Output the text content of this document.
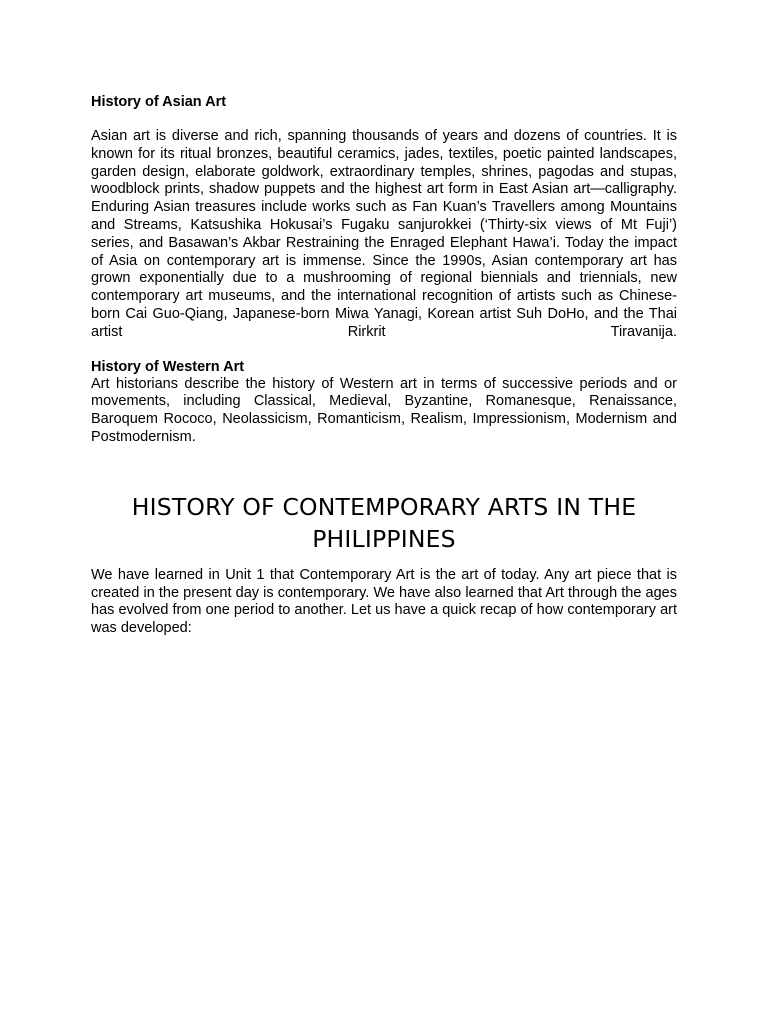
History of Asian Art

Asian art is diverse and rich, spanning thousands of years and dozens of countries. It is known for its ritual bronzes, beautiful ceramics, jades, textiles, poetic painted landscapes, garden design, elaborate goldwork, extraordinary temples, shrines, pagodas and stupas, woodblock prints, shadow puppets and the highest art form in East Asian art—calligraphy. Enduring Asian treasures include works such as Fan Kuan’s Travellers among Mountains and Streams, Katsushika Hokusai’s Fugaku sanjurokkei (‘Thirty-six views of Mt Fuji’) series, and Basawan’s Akbar Restraining the Enraged Elephant Hawa’i. Today the impact of Asia on contemporary art is immense. Since the 1990s, Asian contemporary art has grown exponentially due to a mushrooming of regional biennials and triennials, new contemporary art museums, and the international recognition of artists such as Chinese-born Cai Guo-Qiang, Japanese-born Miwa Yanagi, Korean artist Suh DoHo, and the Thai artist Rirkrit Tiravanija.

History of Western Art

Art historians describe the history of Western art in terms of successive periods and or movements, including Classical, Medieval, Byzantine, Romanesque, Renaissance, Baroquem Rococo, Neolassicism, Romanticism, Realism, Impressionism, Modernism and Postmodernism.

HISTORY OF CONTEMPORARY ARTS IN THE PHILIPPINES

We have learned in Unit 1 that Contemporary Art is the art of today. Any art piece that is created in the present day is contemporary. We have also learned that Art through the ages has evolved from one period to another. Let us have a quick recap of how contemporary art was developed:
